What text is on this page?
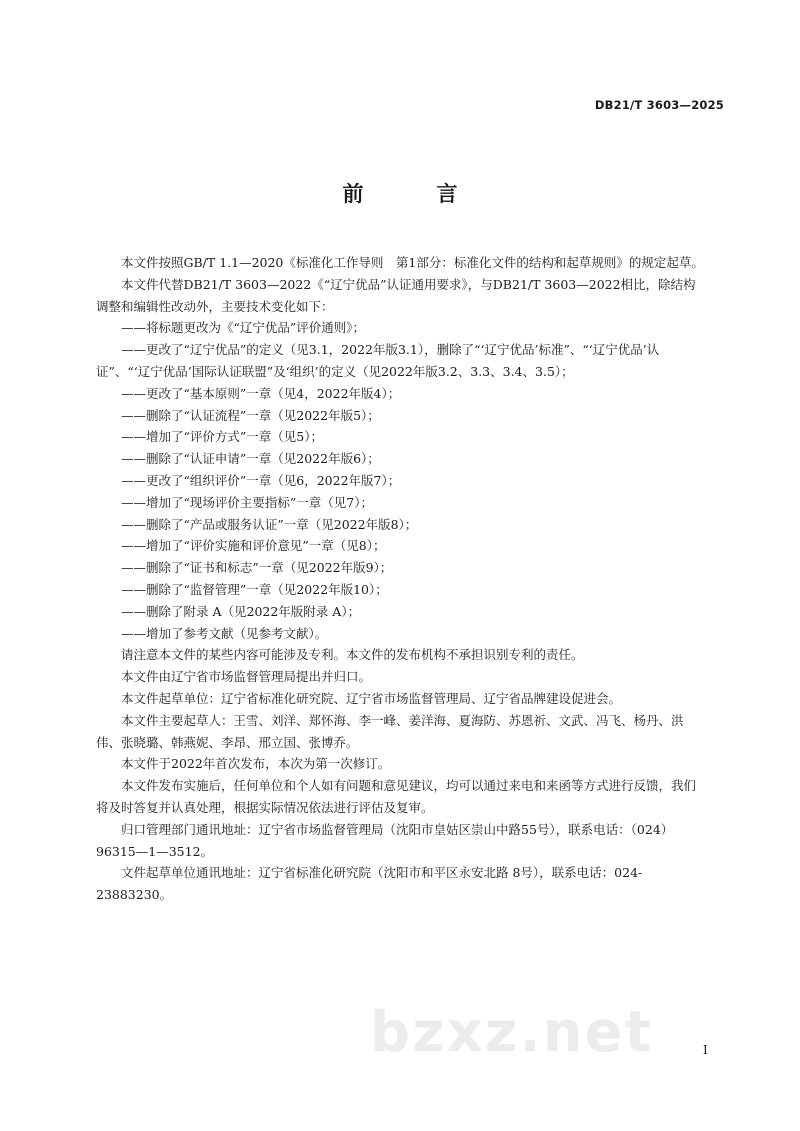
DB21/T 3603—2025
前　言

本文件按照GB/T 1.1—2020《标准化工作导则　第1部分：标准化文件的结构和起草规则》的规定起草。

本文件代替DB21/T 3603—2022《“辽宁优品”认证通用要求》，与DB21/T 3603—2022相比，除结构调整和编辑性改动外，主要技术变化如下：

——将标题更改为《“辽宁优品”评价通则》；

——更改了“辽宁优品”的定义（见3.1，2022年版3.1），删除了“‘辽宁优品’标准”、“‘辽宁优品’认证”、“‘辽宁优品’国际认证联盟”及‘组织’的定义（见2022年版3.2、3.3、3.4、3.5）；

——更改了“基本原则”一章（见4，2022年版4）；

——删除了“认证流程”一章（见2022年版5）；

——增加了“评价方式”一章（见5）；

——删除了“认证申请”一章（见2022年版6）；

——更改了“组织评价”一章（见6，2022年版7）；

——增加了“现场评价主要指标”一章（见7）；

——删除了“产品或服务认证”一章（见2022年版8）；

——增加了“评价实施和评价意见”一章（见8）；

——删除了“证书和标志”一章（见2022年版9）；

——删除了“监督管理”一章（见2022年版10）；

——删除了附录 A（见2022年版附录 A）；

——增加了参考文献（见参考文献）。

请注意本文件的某些内容可能涉及专利。本文件的发布机构不承担识别专利的责任。

本文件由辽宁省市场监督管理局提出并归口。

本文件起草单位：辽宁省标准化研究院、辽宁省市场监督管理局、辽宁省品牌建设促进会。

本文件主要起草人：王雪、刘洋、郑怀海、李一峰、姜洋海、夏海防、苏恩祈、文武、冯飞、杨丹、洪伟、张晓璐、韩燕妮、李昂、邢立国、张博乔。

本文件于2022年首次发布，本次为第一次修订。

本文件发布实施后，任何单位和个人如有问题和意见建议，均可以通过来电和来函等方式进行反馈，我们将及时答复并认真处理，根据实际情况依法进行评估及复审。

归口管理部门通讯地址：辽宁省市场监督管理局（沈阳市皇姑区崇山中路55号），联系电话：（024）96315—1—3512。

文件起草单位通讯地址：辽宁省标准化研究院（沈阳市和平区永安北路 8号），联系电话：024-23883230。

bzxz.net	I
